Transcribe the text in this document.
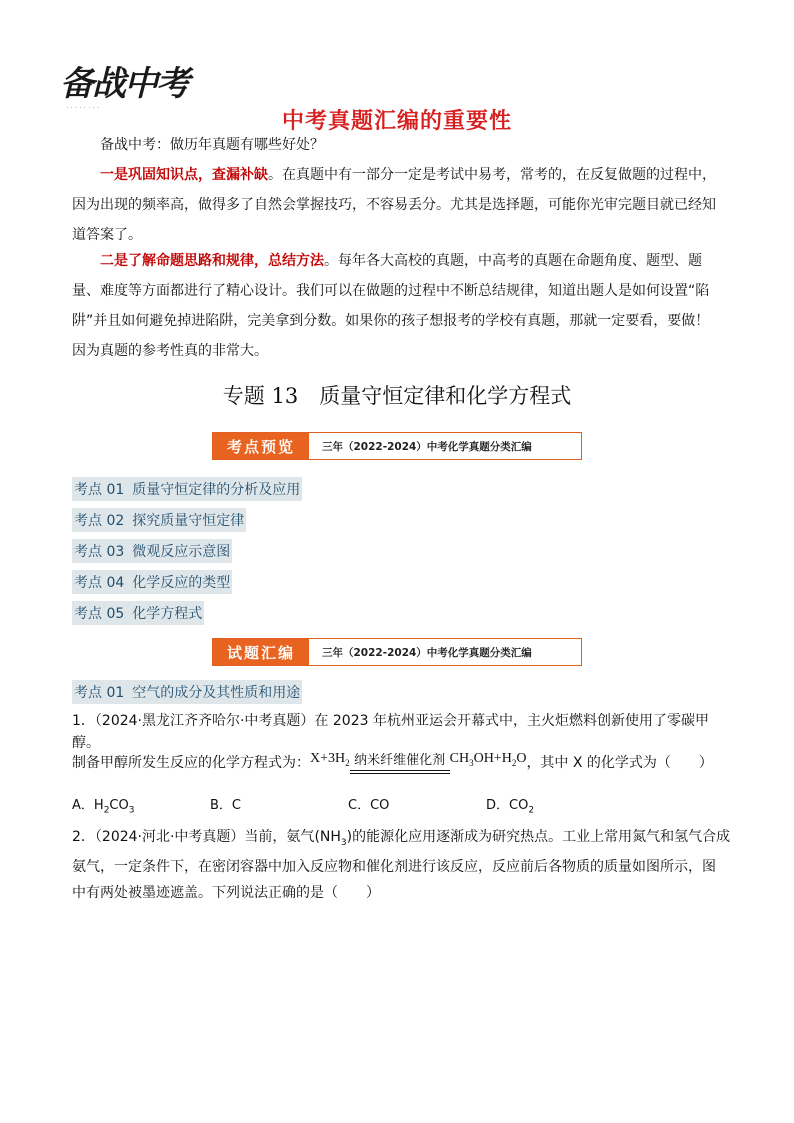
备战中考
· · · · · · · ·
中考真题汇编的重要性
备战中考：做历年真题有哪些好处？
一是巩固知识点，查漏补缺。在真题中有一部分一定是考试中易考，常考的，在反复做题的过程中，因为出现的频率高，做得多了自然会掌握技巧，不容易丢分。尤其是选择题，可能你光审完题目就已经知道答案了。
二是了解命题思路和规律，总结方法。每年各大高校的真题，中高考的真题在命题角度、题型、题量、难度等方面都进行了精心设计。我们可以在做题的过程中不断总结规律，知道出题人是如何设置“陷阱”并且如何避免掉进陷阱，完美拿到分数。如果你的孩子想报考的学校有真题，那就一定要看，要做！因为真题的参考性真的非常大。
专题 13　质量守恒定律和化学方程式
考点预览	三年（2022-2024）中考化学真题分类汇编
考点 01 质量守恒定律的分析及应用
考点 02 探究质量守恒定律
考点 03 微观反应示意图
考点 04 化学反应的类型
考点 05 化学方程式
试题汇编	三年（2022-2024）中考化学真题分类汇编
考点 01 空气的成分及其性质和用途
1．（2024·黑龙江齐齐哈尔·中考真题）在 2023 年杭州亚运会开幕式中，主火炬燃料创新使用了零碳甲醇。
制备甲醇所发生反应的化学方程式为： $X+3H_2$ 纳米纤维催化剂 $CH_3OH+H_2O$ ，其中 X 的化学式为（　　）
A．$H_2CO_3$	B．C	C．CO	D．$CO_2$
2．（2024·河北·中考真题）当前，氨气$(NH_3)$的能源化应用逐渐成为研究热点。工业上常用氮气和氢气合成
氨气，一定条件下，在密闭容器中加入反应物和催化剂进行该反应，反应前后各物质的质量如图所示，图
中有两处被墨迹遮盖。下列说法正确的是（　　）
